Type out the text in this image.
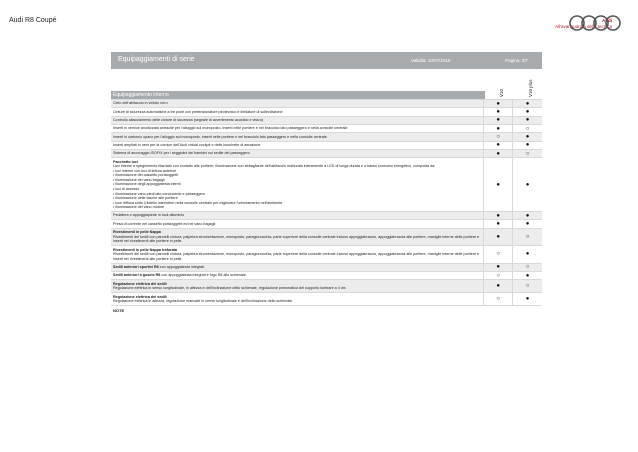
Audi R8 Coupé	Audi
All'avanguardia della tecnica
Equipaggiamenti di serie	Validità: 10/07/2015	Pagina: 3/7
Equipaggiamento interno	V10	V10 plus
Cielo dell'abitacolo in velluto nero	●	●
Cinture di sicurezza automatiche a tre punti con pretensionatore pirotecnico e limitatore di sollecitazione	●	●
Controllo allacciamento delle cinture di sicurezza (segnale di avvertimento acustico e visivo)	●	●
Inserti in vernice anodizzata antracite per l'alloggio sul monoposto, inserti nelle portiere e nel bracciolo lato passeggero e nella consolle centrale.	●	○
Inserti in carbonio opaco per l'alloggio sul monoposto, inserti nelle portiere e nel bracciolo lato passeggero e nella consolle centrale.	○	●
Inserti ampliati in nero per la cornice dell'Audi virtual cockpit e delle bocchette di aerazione	●	●
Sistema di ancoraggio ISOFIX per i seggiolini dei bambini sul sedile del passeggero	●	○
Pacchetto luci
Luci interne a spegnimento ritardato con contatto alle portiere; illuminazione con abbagliante dell'abitacolo realizzata interamente a LED di lunga durata e a basso consumo energetico, composta da:
• luci interne con luci di lettura anteriori
• illuminazione del cassetto portaoggetti
• illuminazione del vano bagagli
• illuminazione degli appoggiatesta interni
• luci di accesso
• illuminazione vano piedi lato conducente e passeggero
• illuminazione delle tasche alle portiere
• luce diffusa sotto il listello interruttori nella consolle centrale per migliorare l'orientamento nell'ambiente
• illuminazione del vano motore
●	●
Pedaliera e appoggiapiede in look alluminio	●	●
Presa di corrente nel cassetto portaoggetti ed nel vano bagagli	●	●
Rivestimenti in pelle Nappa
Rivestimenti dei sedili con pannelli cintura, palpebra strumentazione, monoposto, paragionocchia, parte superiore della consolle centrale incluso appoggiabraccio, appoggiabraccia alle portiere, maniglie interne delle portiere e inserti nei rivestimenti alle portiere in pelle.
●	○
Rivestimenti in pelle Nappa traforata
Rivestimenti dei sedili con pannelli cintura, palpebra strumentazione, monoposto, paragionocchia, parte superiore della consolle centrale incluso appoggiabraccio, appoggiabraccia alle portiere, maniglie interne delle portiere e inserti nei rivestimenti alle portiere in pelle.
○	●
Sedili anteriori sportivi R8 con appoggiatesta integrati.	●	○
Sedili anteriori a guscio R8 con appoggiatesta integrati e logo R8 allo schienale.	○	●
Regolazione elettrica dei sedili
Regolazione elettrica in senso longitudinale, in altezza e dell'inclinazione dello schienale, regolazione pneumatica del supporto lombare a 4 vie.	●	○
Regolazione elettrica dei sedili
Regolazione elettrica in altezza, regolazione manuale in senso longitudinale e dell'inclinazione dello schienale.	○	●
NOTE
